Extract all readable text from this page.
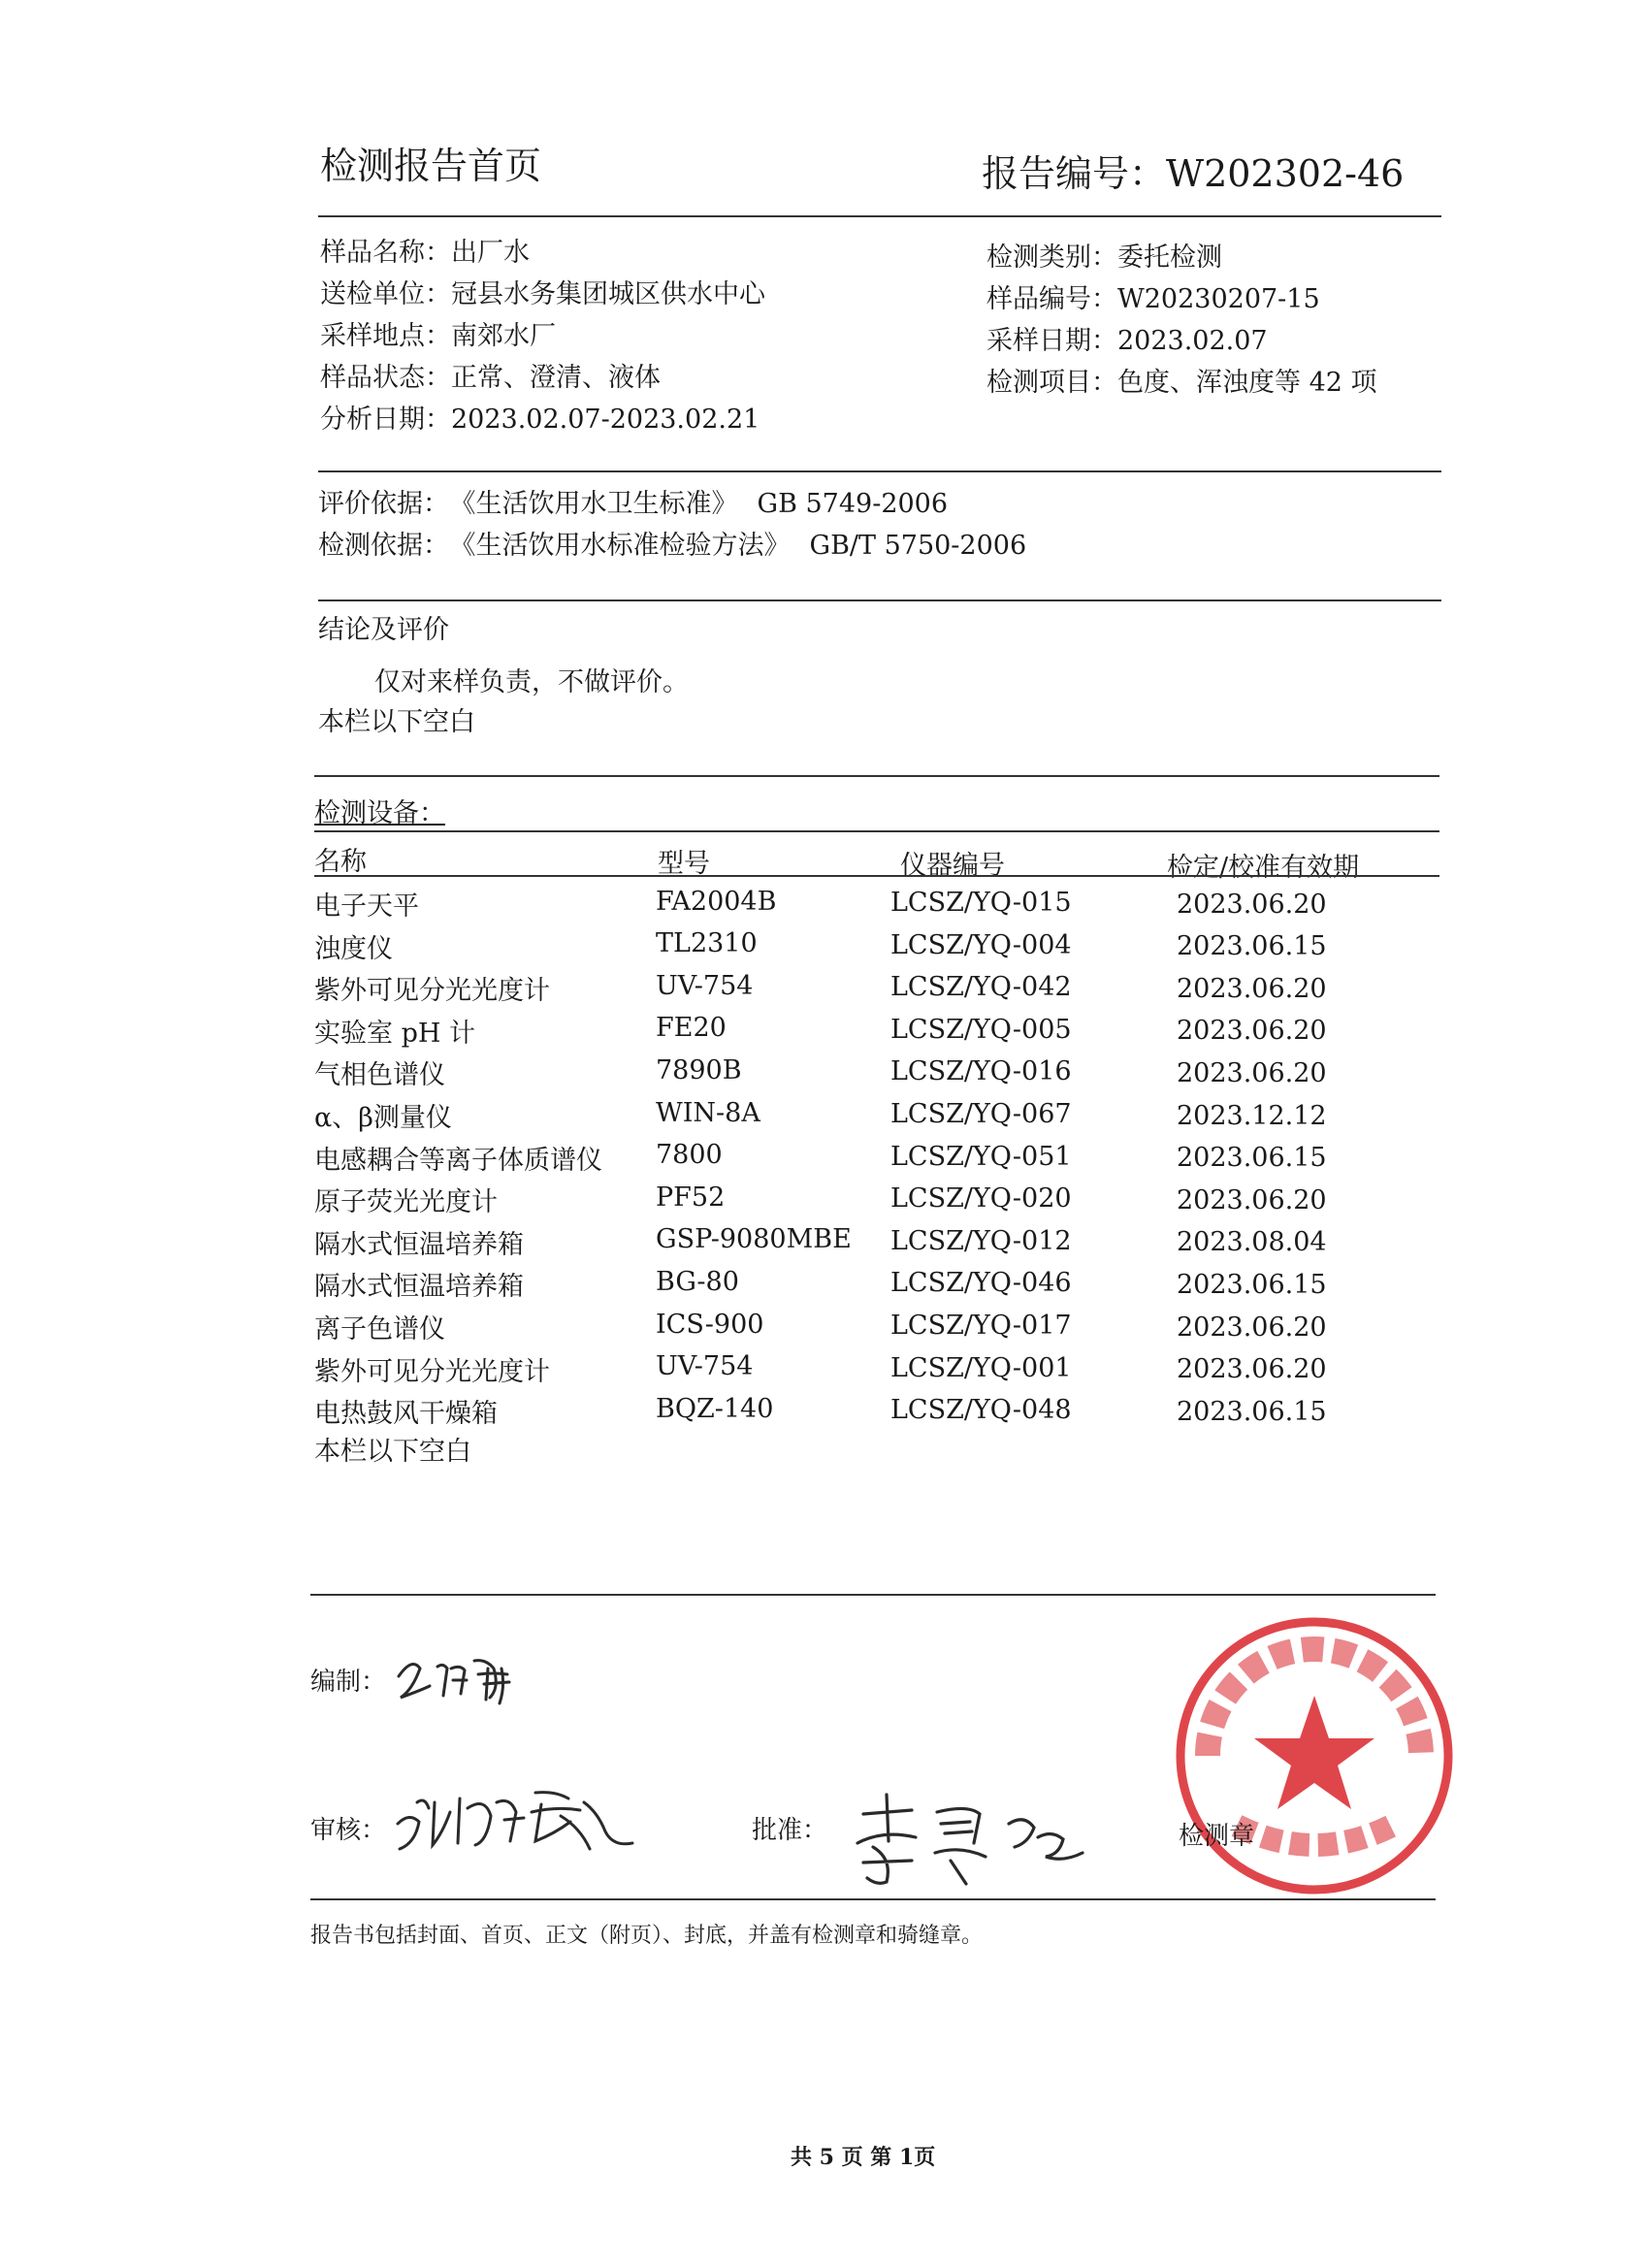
检测报告首页	报告编号：W202302-46
样品名称：出厂水
送检单位：冠县水务集团城区供水中心
采样地点：南郊水厂
样品状态：正常、澄清、液体
分析日期：2023.02.07-2023.02.21
检测类别：委托检测
样品编号：W20230207-15
采样日期：2023.02.07
检测项目：色度、浑浊度等 42 项
评价依据： 《生活饮用水卫生标准》 GB 5749-2006
检测依据： 《生活饮用水标准检验方法》 GB/T 5750-2006
结论及评价
仅对来样负责，不做评价。
本栏以下空白
检测设备：
名称	型号	仪器编号	检定/校准有效期
电子天平	FA2004B	LCSZ/YQ-015	2023.06.20
浊度仪	TL2310	LCSZ/YQ-004	2023.06.15
紫外可见分光光度计	UV-754	LCSZ/YQ-042	2023.06.20
实验室 pH 计	FE20	LCSZ/YQ-005	2023.06.20
气相色谱仪	7890B	LCSZ/YQ-016	2023.06.20
α、β测量仪	WIN-8A	LCSZ/YQ-067	2023.12.12
电感耦合等离子体质谱仪 7800	LCSZ/YQ-051	2023.06.15
原子荧光光度计	PF52	LCSZ/YQ-020	2023.06.20
隔水式恒温培养箱	GSP-9080MBE LCSZ/YQ-012	2023.08.04
隔水式恒温培养箱	BG-80	LCSZ/YQ-046	2023.06.15
离子色谱仪	ICS-900	LCSZ/YQ-017	2023.06.20
紫外可见分光光度计	UV-754	LCSZ/YQ-001	2023.06.20
电热鼓风干燥箱	BQZ-140	LCSZ/YQ-048	2023.06.15
本栏以下空白
编制：
审核：	批准：	检测章
报告书包括封面、首页、正文（附页）、封底，并盖有检测章和骑缝章。
共 5 页 第 1页
